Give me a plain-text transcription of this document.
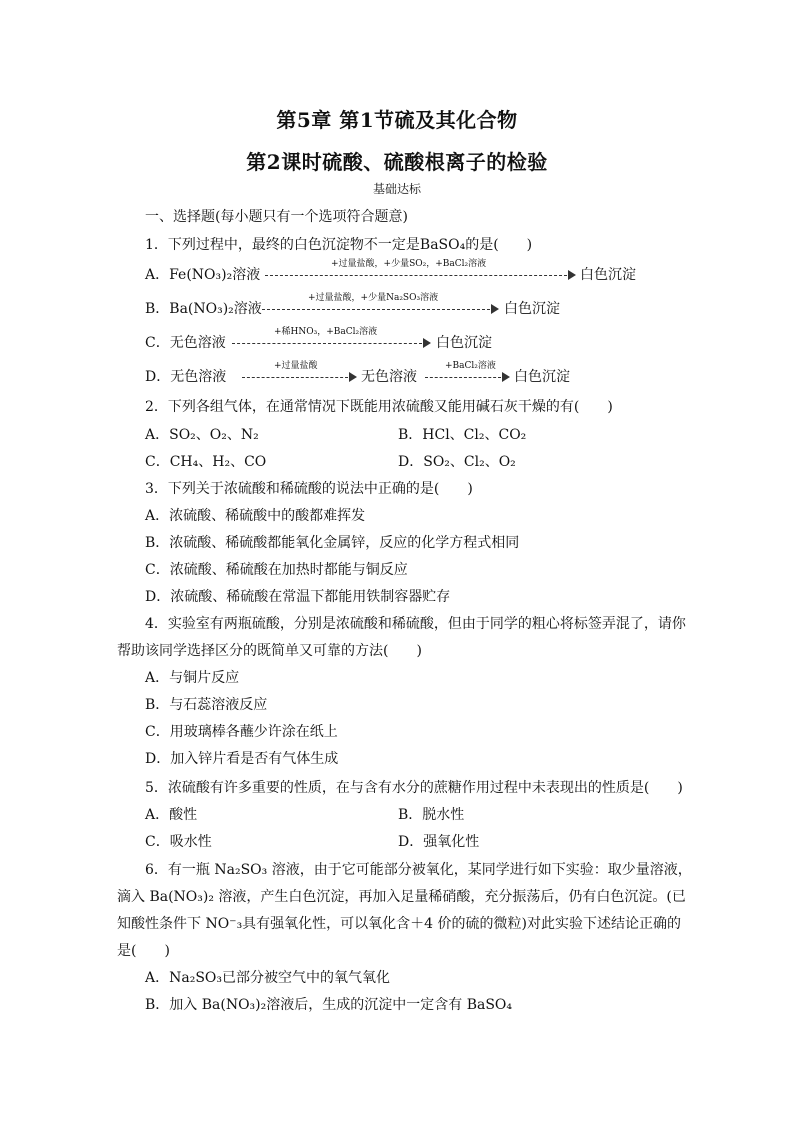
第5章 第1节硫及其化合物
第2课时硫酸、硫酸根离子的检验
基础达标
一、选择题(每小题只有一个选项符合题意)
1．下列过程中，最终的白色沉淀物不一定是BaSO₄的是(　　)
A．Fe(NO₃)₂溶液
+过量盐酸，+少量SO₂，+BaCl₂溶液
白色沉淀
B．Ba(NO₃)₂溶液
+过量盐酸，+少量Na₂SO₃溶液
白色沉淀
C．无色溶液
+稀HNO₃，+BaCl₂溶液
白色沉淀
D．无色溶液
+过量盐酸
无色溶液
+BaCl₂溶液
白色沉淀
2．下列各组气体，在通常情况下既能用浓硫酸又能用碱石灰干燥的有(　　)
A．SO₂、O₂、N₂	B．HCl、Cl₂、CO₂
C．CH₄、H₂、CO	D．SO₂、Cl₂、O₂
3．下列关于浓硫酸和稀硫酸的说法中正确的是(　　)
A．浓硫酸、稀硫酸中的酸都难挥发
B．浓硫酸、稀硫酸都能氧化金属锌，反应的化学方程式相同
C．浓硫酸、稀硫酸在加热时都能与铜反应
D．浓硫酸、稀硫酸在常温下都能用铁制容器贮存
4．实验室有两瓶硫酸，分别是浓硫酸和稀硫酸，但由于同学的粗心将标签弄混了，请你
帮助该同学选择区分的既简单又可靠的方法(　　)
A．与铜片反应
B．与石蕊溶液反应
C．用玻璃棒各蘸少许涂在纸上
D．加入锌片看是否有气体生成
5．浓硫酸有许多重要的性质，在与含有水分的蔗糖作用过程中未表现出的性质是(　　)
A．酸性	B．脱水性
C．吸水性	D．强氧化性
6．有一瓶 Na₂SO₃ 溶液，由于它可能部分被氧化，某同学进行如下实验：取少量溶液，
滴入 Ba(NO₃)₂ 溶液，产生白色沉淀，再加入足量稀硝酸，充分振荡后，仍有白色沉淀。(已
知酸性条件下 NO⁻₃具有强氧化性，可以氧化含＋4 价的硫的微粒)对此实验下述结论正确的
是(　　)
A．Na₂SO₃已部分被空气中的氧气氧化
B．加入 Ba(NO₃)₂溶液后，生成的沉淀中一定含有 BaSO₄
